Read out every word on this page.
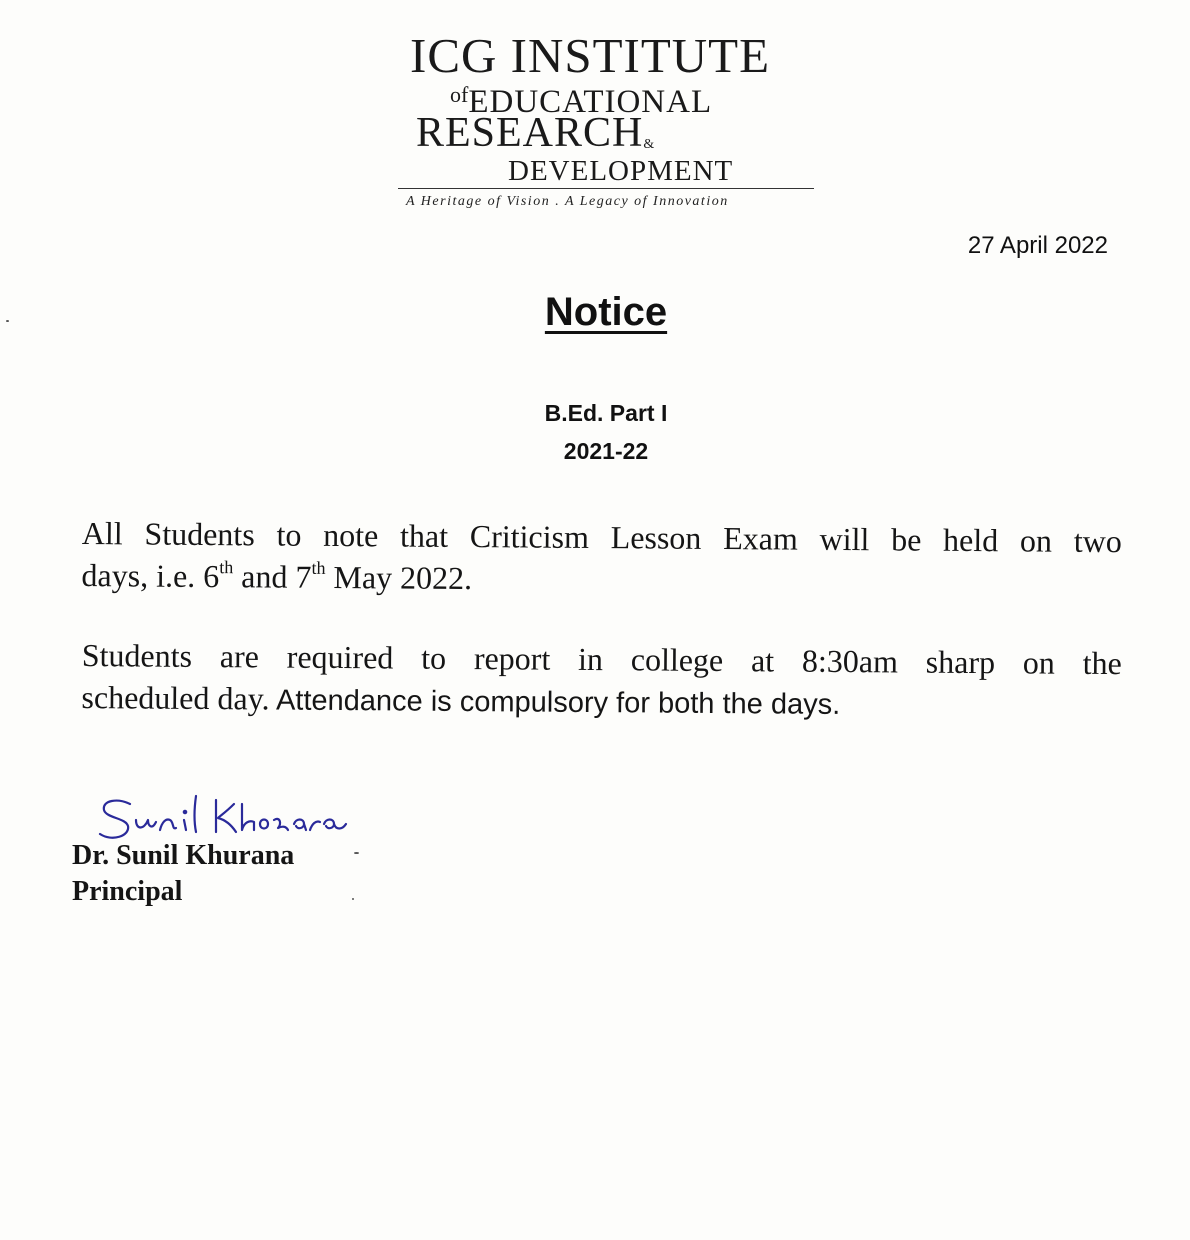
ICG INSTITUTE
ofEDUCATIONAL
RESEARCH&
DEVELOPMENT
A Heritage of Vision . A Legacy of Innovation
27 April 2022
Notice
B.Ed. Part I
2021-22
All Students to note that Criticism Lesson Exam will be held on two
days, i.e. 6th and 7th May 2022.
Students are required to report in college at 8:30am sharp on the
scheduled day. Attendance is compulsory for both the days.
Dr. Sunil Khurana
Principal
